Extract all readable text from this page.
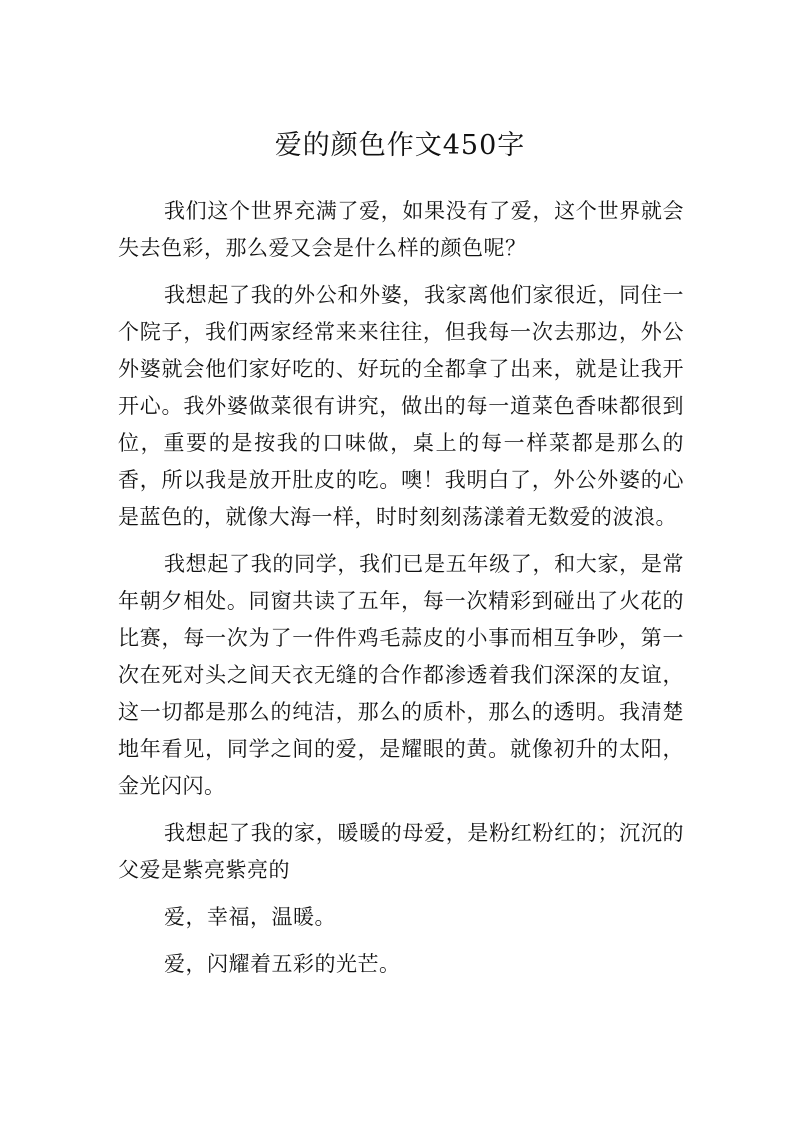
爱的颜色作文450字

我们这个世界充满了爱，如果没有了爱，这个世界就会失去色彩，那么爱又会是什么样的颜色呢？

我想起了我的外公和外婆，我家离他们家很近，同住一个院子，我们两家经常来来往往，但我每一次去那边，外公外婆就会他们家好吃的、好玩的全都拿了出来，就是让我开开心。我外婆做菜很有讲究，做出的每一道菜色香味都很到位，重要的是按我的口味做，桌上的每一样菜都是那么的香，所以我是放开肚皮的吃。噢！我明白了，外公外婆的心是蓝色的，就像大海一样，时时刻刻荡漾着无数爱的波浪。

我想起了我的同学，我们已是五年级了，和大家，是常年朝夕相处。同窗共读了五年，每一次精彩到碰出了火花的比赛，每一次为了一件件鸡毛蒜皮的小事而相互争吵，第一次在死对头之间天衣无缝的合作都渗透着我们深深的友谊，这一切都是那么的纯洁，那么的质朴，那么的透明。我清楚地年看见，同学之间的爱，是耀眼的黄。就像初升的太阳，金光闪闪。

我想起了我的家，暖暖的母爱，是粉红粉红的；沉沉的父爱是紫亮紫亮的

爱，幸福，温暖。

爱，闪耀着五彩的光芒。
